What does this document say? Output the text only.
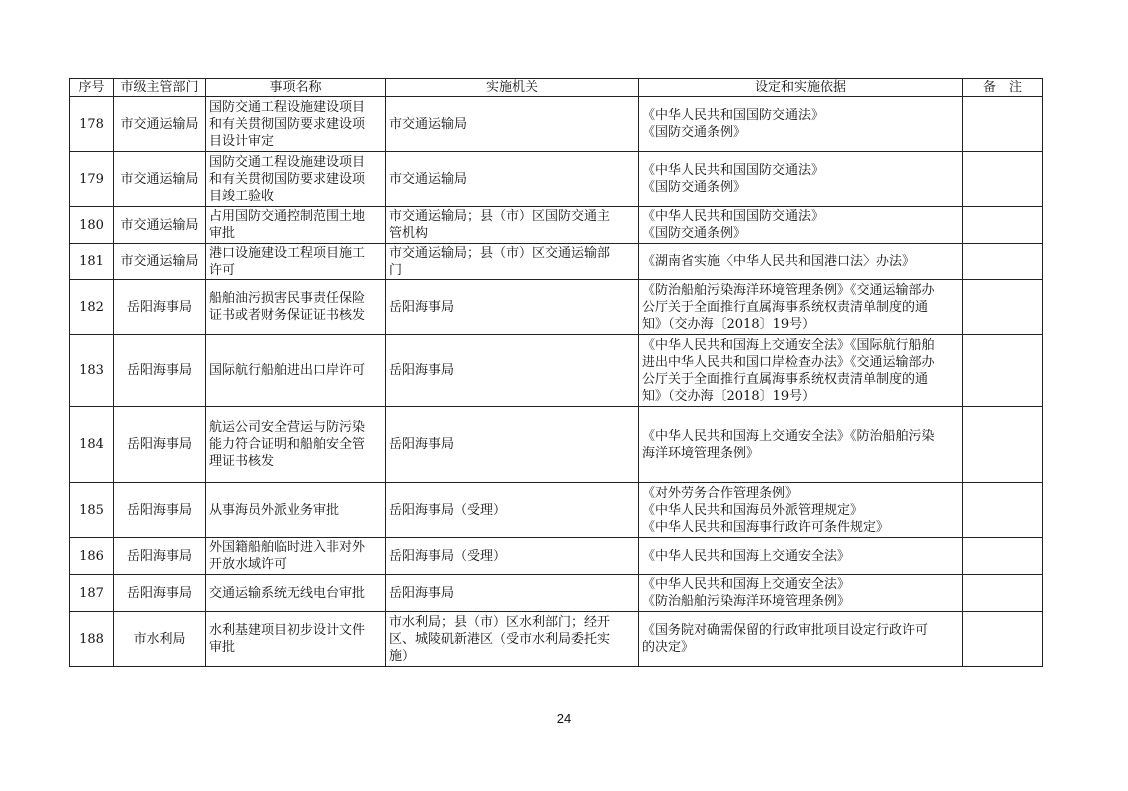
序号	市级主管部门	事项名称	实施机关	设定和实施依据	备　注
178	市交通运输局	国防交通工程设施建设项目
和有关贯彻国防要求建设项
目设计审定	市交通运输局	《中华人民共和国国防交通法》
《国防交通条例》	

179	市交通运输局	国防交通工程设施建设项目
和有关贯彻国防要求建设项
目竣工验收	市交通运输局	《中华人民共和国国防交通法》
《国防交通条例》	

180	市交通运输局	占用国防交通控制范围土地
审批	市交通运输局；县（市）区国防交通主
管机构	《中华人民共和国国防交通法》
《国防交通条例》	

181	市交通运输局	港口设施建设工程项目施工
许可	市交通运输局；县（市）区交通运输部
门	《湖南省实施〈中华人民共和国港口法〉办法》	

182	岳阳海事局	船舶油污损害民事责任保险
证书或者财务保证证书核发	岳阳海事局	《防治船舶污染海洋环境管理条例》《交通运输部办
公厅关于全面推行直属海事系统权责清单制度的通
知》（交办海〔2018〕19号）	

183	岳阳海事局	国际航行船舶进出口岸许可	岳阳海事局	《中华人民共和国海上交通安全法》《国际航行船舶
进出中华人民共和国口岸检查办法》《交通运输部办
公厅关于全面推行直属海事系统权责清单制度的通
知》（交办海〔2018〕19号）	

184	岳阳海事局	航运公司安全营运与防污染
能力符合证明和船舶安全管
理证书核发	岳阳海事局	《中华人民共和国海上交通安全法》《防治船舶污染
海洋环境管理条例》	

185	岳阳海事局	从事海员外派业务审批	岳阳海事局（受理）	《对外劳务合作管理条例》
《中华人民共和国海员外派管理规定》
《中华人民共和国海事行政许可条件规定》	

186	岳阳海事局	外国籍船舶临时进入非对外
开放水域许可	岳阳海事局（受理）	《中华人民共和国海上交通安全法》	

187	岳阳海事局	交通运输系统无线电台审批	岳阳海事局	《中华人民共和国海上交通安全法》
《防治船舶污染海洋环境管理条例》	

188	市水利局	水利基建项目初步设计文件
审批	市水利局；县（市）区水利部门；经开
区、城陵矶新港区（受市水利局委托实
施）	《国务院对确需保留的行政审批项目设定行政许可
的决定》	

24
